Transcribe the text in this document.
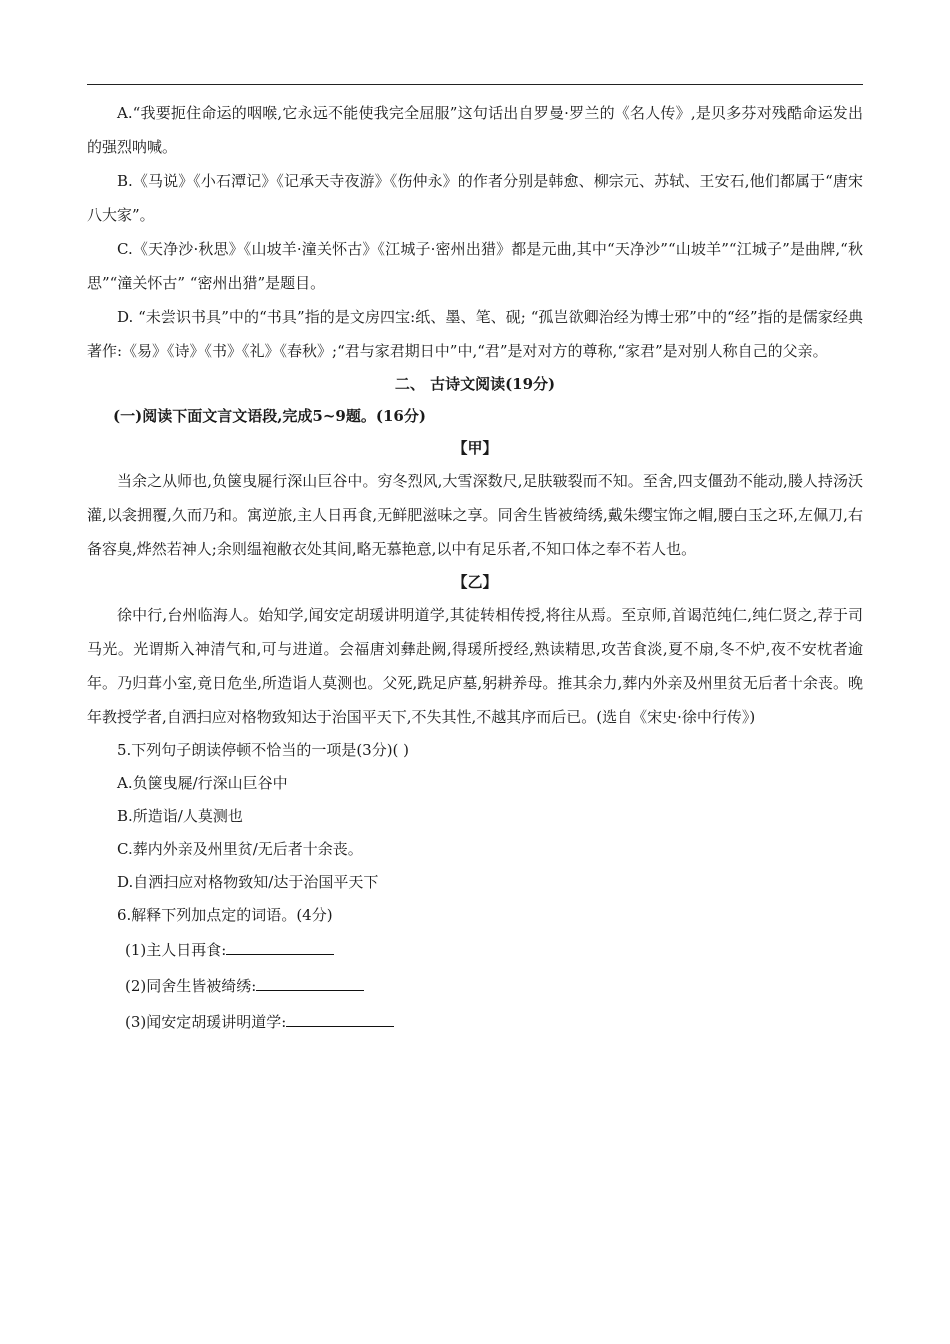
A.“我要扼住命运的咽喉,它永远不能使我完全屈服”这句话出自罗曼·罗兰的《名人传》,是贝多芬对残酷命运发出的强烈呐喊。

B.《马说》《小石潭记》《记承天寺夜游》《伤仲永》的作者分别是韩愈、柳宗元、苏轼、王安石,他们都属于“唐宋八大家”。

C.《天净沙·秋思》《山坡羊·潼关怀古》《江城子·密州出猎》都是元曲,其中“天净沙”“山坡羊”“江城子”是曲牌,“秋思”“潼关怀古” “密州出猎”是题目。

D. “未尝识书具”中的“书具”指的是文房四宝:纸、墨、笔、砚; “孤岂欲卿治经为博士邪”中的“经”指的是儒家经典著作:《易》《诗》《书》《礼》《春秋》;“君与家君期日中”中,“君”是对对方的尊称,“家君”是对别人称自己的父亲。

二、 古诗文阅读(19分)

(一)阅读下面文言文语段,完成5~9题。(16分)

【甲】

当余之从师也,负箧曳屣行深山巨谷中。穷冬烈风,大雪深数尺,足肤皲裂而不知。至舍,四支僵劲不能动,媵人持汤沃灌,以衾拥覆,久而乃和。寓逆旅,主人日再食,无鲜肥滋味之享。同舍生皆被绮绣,戴朱缨宝饰之帽,腰白玉之环,左佩刀,右备容臭,烨然若神人;余则缊袍敝衣处其间,略无慕艳意,以中有足乐者,不知口体之奉不若人也。

【乙】

徐中行,台州临海人。始知学,闻安定胡瑗讲明道学,其徒转相传授,将往从焉。至京师,首谒范纯仁,纯仁贤之,荐于司马光。光谓斯入神清气和,可与进道。会福唐刘彝赴阙,得瑗所授经,熟读精思,攻苦食淡,夏不扇,冬不炉,夜不安枕者逾年。乃归葺小室,竟日危坐,所造诣人莫测也。父死,跣足庐墓,躬耕养母。推其余力,葬内外亲及州里贫无后者十余丧。晚年教授学者,自洒扫应对格物致知达于治国平天下,不失其性,不越其序而后已。(选自《宋史·徐中行传》)

5.下列句子朗读停顿不恰当的一项是(3分)( )

A.负箧曳屣/行深山巨谷中

B.所造诣/人莫测也

C.葬内外亲及州里贫/无后者十余丧。

D.自洒扫应对格物致知/达于治国平天下

6.解释下列加点定的词语。(4分)

(1)主人日再食:

(2)同舍生皆被绮绣:

(3)闻安定胡瑗讲明道学:
